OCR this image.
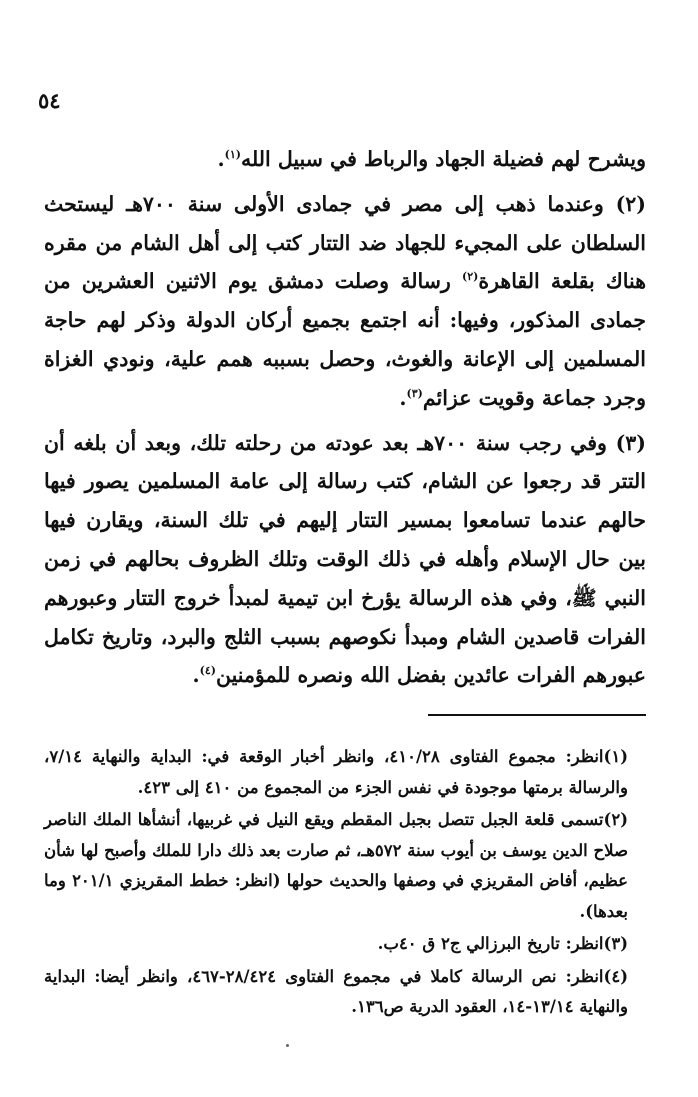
٥٤

ويشرح لهم فضيلة الجهاد والرباط في سبيل الله$^{(١)}$.

(٢) وعندما ذهب إلى مصر في جمادى الأولى سنة ٧٠٠هـ ليستحث السلطان على المجيء للجهاد ضد التتار كتب إلى أهل الشام من مقره هناك بقلعة القاهرة$^{(٢)}$ رسالة وصلت دمشق يوم الاثنين العشرين من جمادى المذكور، وفيها: أنه اجتمع بجميع أركان الدولة وذكر لهم حاجة المسلمين إلى الإعانة والغوث، وحصل بسببه همم علية، ونودي الغزاة وجرد جماعة وقويت عزائم$^{(٣)}$.

(٣) وفي رجب سنة ٧٠٠هـ بعد عودته من رحلته تلك، وبعد أن بلغه أن التتر قد رجعوا عن الشام، كتب رسالة إلى عامة المسلمين يصور فيها حالهم عندما تسامعوا بمسير التتار إليهم في تلك السنة، ويقارن فيها بين حال الإسلام وأهله في ذلك الوقت وتلك الظروف بحالهم في زمن النبي ﷺ، وفي هذه الرسالة يؤرخ ابن تيمية لمبدأ خروج التتار وعبورهم الفرات قاصدين الشام ومبدأ نكوصهم بسبب الثلج والبرد، وتاريخ تكامل عبورهم الفرات عائدين بفضل الله ونصره للمؤمنين$^{(٤)}$.

(١)انظر: مجموع الفتاوى ٤١٠/٢٨، وانظر أخبار الوقعة في: البداية والنهاية ٧/١٤، والرسالة برمتها موجودة في نفس الجزء من المجموع من ٤١٠ إلى ٤٢٣.

(٢)تسمى قلعة الجبل تتصل بجبل المقطم ويقع النيل في غربيها، أنشأها الملك الناصر صلاح الدين يوسف بن أيوب سنة ٥٧٢هـ، ثم صارت بعد ذلك دارا للملك وأصبح لها شأن عظيم، أفاض المقريزي في وصفها والحديث حولها (انظر: خطط المقريزي ٢٠١/١ وما بعدها).

(٣)انظر: تاريخ البرزالي ج٢ ق ٤٠ب.

(٤)انظر: نص الرسالة كاملا في مجموع الفتاوى ٢٨/٤٢٤-٤٦٧، وانظر أيضا: البداية والنهاية ١٣/١٤-١٤، العقود الدرية ص١٣٦.
